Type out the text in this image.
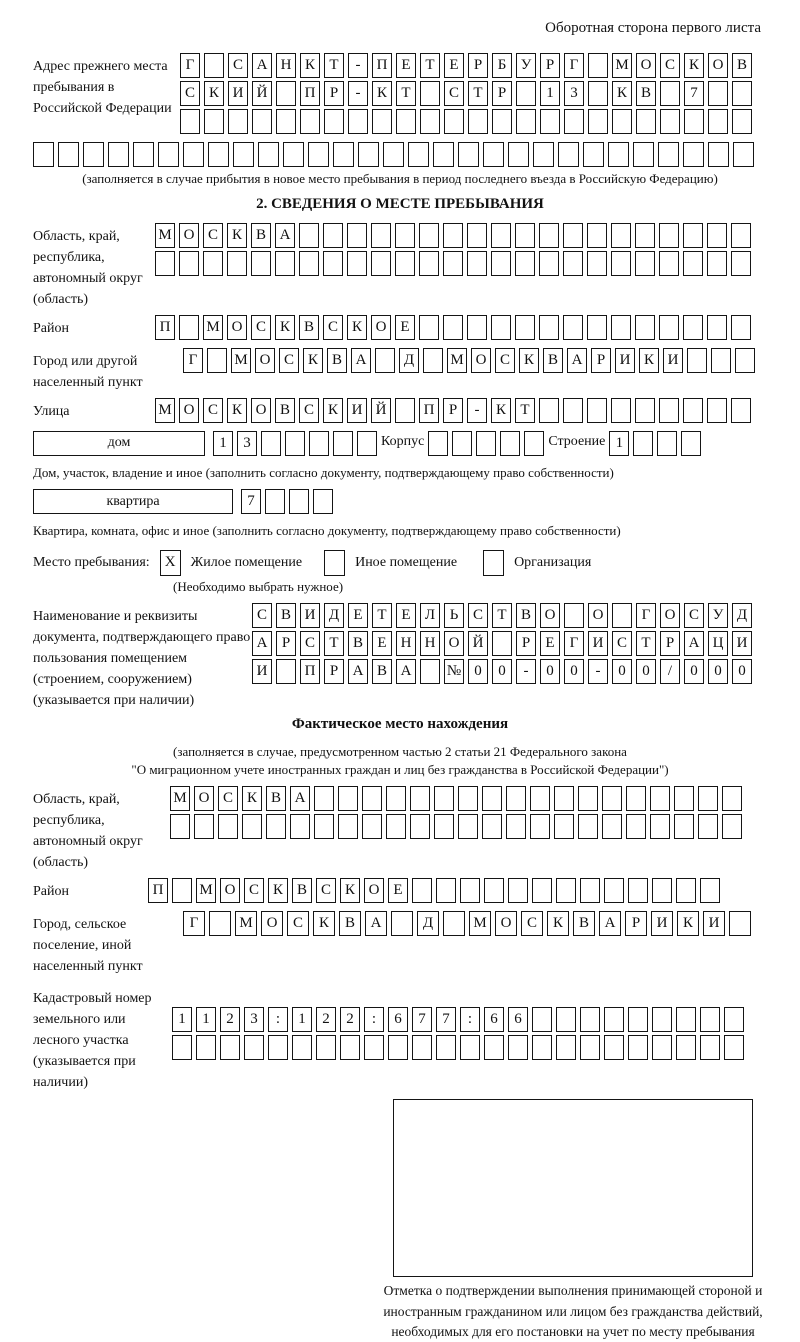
Оборотная сторона первого листа
Адрес прежнего места пребывания в Российской Федерации
Г	С А Н К Т	-	П Е Т Е	Р	Б У Р	Г	М О С К О В
С К И Й	П Р	-	К Т	С Т	Р	1	3	К В	7
(заполняется в случае прибытия в новое место пребывания в период последнего въезда в Российскую Федерацию)
2. СВЕДЕНИЯ О МЕСТЕ ПРЕБЫВАНИЯ
Область, край, республика, автономный округ (область)
М О С К В А
Район	П	М О С К В С К О Е
Город или другой населенный пункт
Г	М О С К В А	Д	М О С К В А Р И К И
Улица	М О С К О В С К И Й	П Р	-	К Т
дом	1	3	Корпус	Строение 1
Дом, участок, владение и иное (заполнить согласно документу, подтверждающему право собственности)
квартира	7
Квартира, комната, офис и иное (заполнить согласно документу, подтверждающему право собственности)
Место пребывания:	X	Жилое помещение	Иное помещение	Организация
(Необходимо выбрать нужное)
Наименование и реквизиты документа, подтверждающего право пользования помещением (строением, сооружением) (указывается при наличии)
С В И Д Е Т Е Л Ь С Т В О	О	Г О С У Д
А Р С Т В Е Н Н О Й	Р	Е	Г И С Т	Р А Ц И
И	П Р А В А	№ 0	0	-	0	0	-	0	0	/	0	0	0
Фактическое место нахождения
(заполняется в случае, предусмотренном частью 2 статьи 21 Федерального закона
"О миграционном учете иностранных граждан и лиц без гражданства в Российской Федерации")
Область, край, республика, автономный округ (область)
М О С К В А
Район	П	М О С К В С К О Е
Город, сельское поселение, иной населенный пункт
Г	М О	С	К	В	А	Д	М О	С	К	В	А	Р	И	К	И
Кадастровый номер земельного или лесного участка (указывается при наличии)
1	1	2	3	:	1	2	2	:	6	7	7	:	6	6
Отметка о подтверждении выполнения принимающей стороной и иностранным гражданином или лицом без гражданства действий, необходимых для его постановки на учет по месту пребывания
